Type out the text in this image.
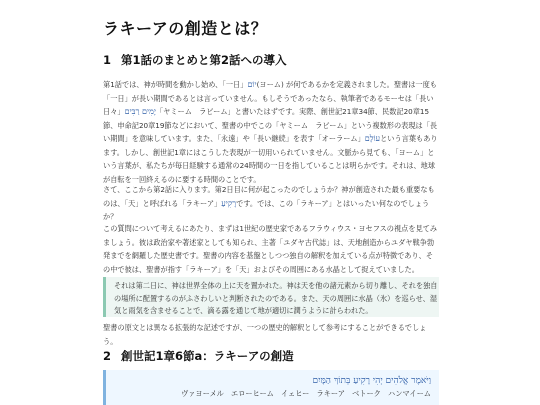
ラキーアの創造とは？
1 第1話のまとめと第2話への導入

第1話では、神が時間を動かし始め、「一日」יוֹם(ヨーム) が何であるかを定義されました。聖書は一度も「一日」が長い期間であるとは言っていません。もしそうであったなら、執筆者であるモーセは「長い日々」יָמִים רַבִּים「ヤミーム　ラビーム」と書いたはずです。実際、創世記21章34節、民数記20章15節、申命記20章19節などにおいて、聖書の中でこの「ヤミーム　ラビーム」という複数形の表現は「長い期間」を意味しています。また、「永遠」や「長い継続」を表す「オーラーム」עוֹלָםという言葉もあります。しかし、創世記1章にはこうした表現が一切用いられていません。文脈から見ても、「ヨーム」という言葉が、私たちが毎日経験する通常の24時間の一日を指していることは明らかです。それは、地球が自転を一回終えるのに要する時間のことです。

さて、ここから第2話に入ります。第2日目に何が起こったのでしょうか？神が創造された最も重要なものは、「天」と呼ばれる「ラキーア」רָקִיעַです。では、この「ラキーア」とはいったい何なのでしょうか？

この質問について考えるにあたり、まずは1世紀の歴史家であるフラウィウス・ヨセフスの視点を見てみましょう。彼は政治家や著述家としても知られ、主著「ユダヤ古代誌」は、天地創造からユダヤ戦争勃発までを網羅した歴史書です。聖書の内容を基盤としつつ独自の解釈を加えている点が特徴であり、その中で彼は、聖書が指す「ラキーア」を「天」およびその周囲にある水晶として捉えていました。

それは第二日に、神は世界全体の上に天を置かれた。神は天を他の諸元素から切り離し、それを独自の場所に配置するのがふさわしいと判断されたのである。また、天の周囲に水晶（氷）を巡らせ、湿気と雨気を含ませることで、滴る露を通じて地が適切に潤うように計らわれた。

聖書の原文とは異なる拡張的な記述ですが、一つの歴史的解釈として参考にすることができるでしょう。

2 創世記1章6節a：ラキーアの創造
וַיֹּאמֶר אֱלֹהִים יְהִי רָקִיעַ בְּתוֹךְ הַמָּיִם
ヴァヨーメル　エローヒーム　イェヒー　ラキーア　ベトーク　ハンマイーム
